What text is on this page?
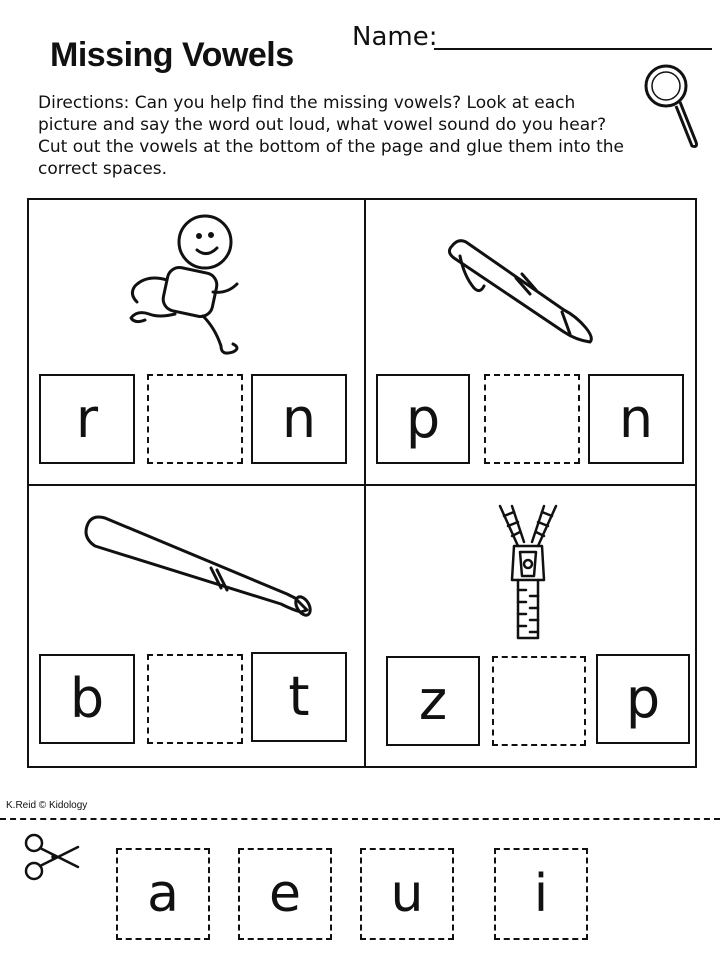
Missing Vowels Name:
Directions: Can you help find the missing vowels? Look at each picture and say the word out loud, what vowel sound do you hear? Cut out the vowels at the bottom of the page and glue them into the correct spaces.
r	n	p	n
b	t	z	p
K.Reid © Kidology
a	e	u	i
